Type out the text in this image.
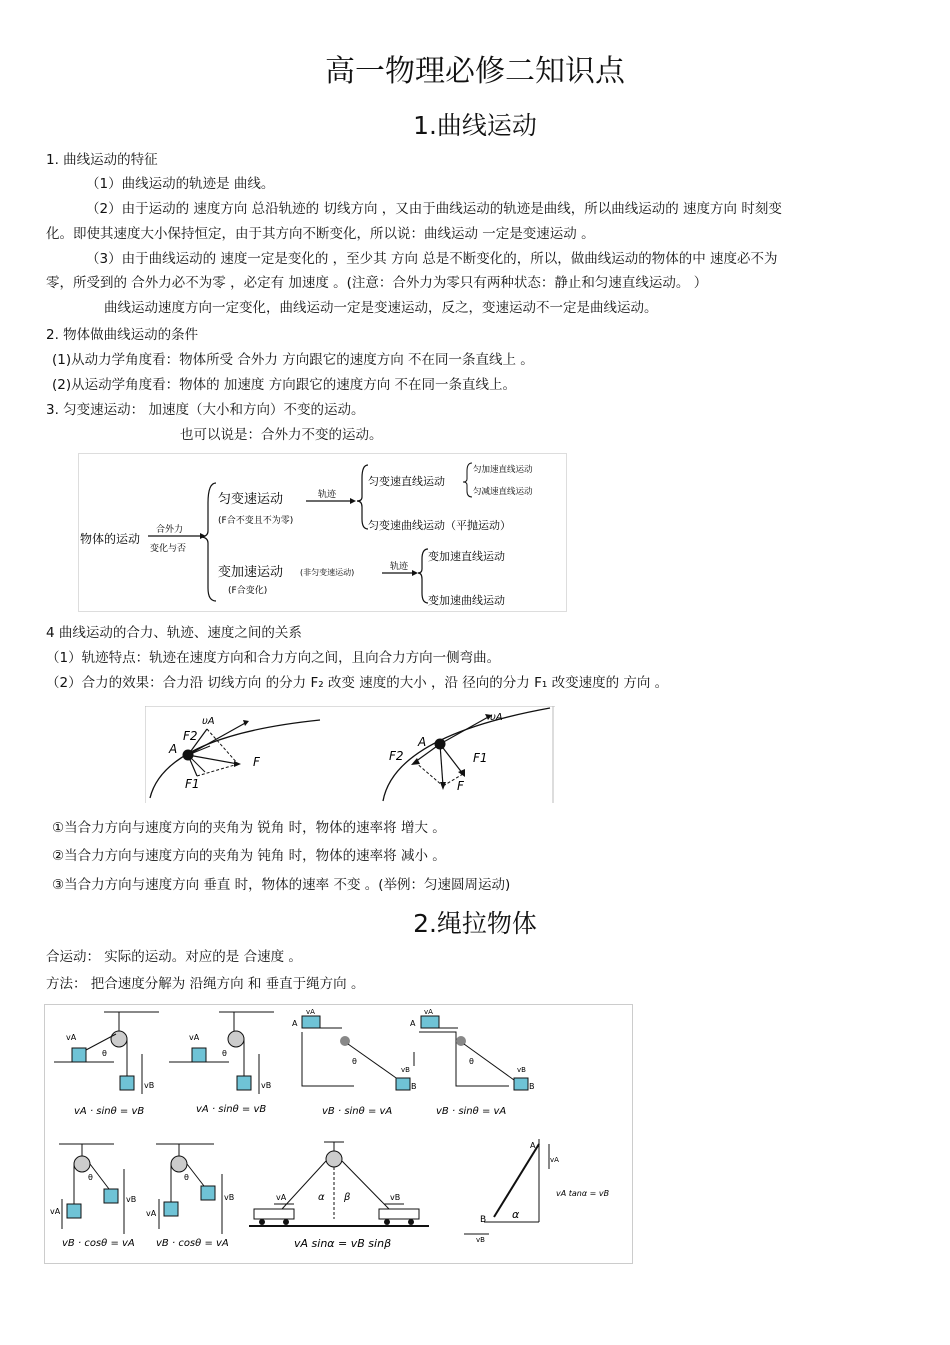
高一物理必修二知识点
1.曲线运动
1. 曲线运动的特征
（1）曲线运动的轨迹是 曲线。
（2）由于运动的 速度方向 总沿轨迹的 切线方向 ，又由于曲线运动的轨迹是曲线，所以曲线运动的 速度方向 时刻变
化。即使其速度大小保持恒定，由于其方向不断变化，所以说：曲线运动 一定是变速运动 。
（3）由于曲线运动的 速度一定是变化的 ，至少其 方向 总是不断变化的，所以，做曲线运动的物体的中 速度必不为
零，所受到的 合外力必不为零 ，必定有 加速度 。(注意：合外力为零只有两种状态：静止和匀速直线运动。 ）
曲线运动速度方向一定变化，曲线运动一定是变速运动，反之，变速运动不一定是曲线运动。
2. 物体做曲线运动的条件
(1)从动力学角度看：物体所受 合外力 方向跟它的速度方向 不在同一条直线上 。
(2)从运动学角度看：物体的 加速度 方向跟它的速度方向 不在同一条直线上。
3. 匀变速运动： 加速度（大小和方向）不变的运动。
也可以说是：合外力不变的运动。
物体的运动
合外力
变化与否
匀变速运动
(F合不变且不为零)
轨迹
匀变速直线运动
匀加速直线运动
匀减速直线运动
匀变速曲线运动（平抛运动）
变加速运动 (非匀变速运动)
(F合变化)
轨迹
变加速直线运动
变加速曲线运动
4 曲线运动的合力、轨迹、速度之间的关系
（1）轨迹特点：轨迹在速度方向和合力方向之间，且向合力方向一侧弯曲。
（2）合力的效果：合力沿 切线方向 的分力 F₂ 改变 速度的大小 ，沿 径向的分力 F₁ 改变速度的 方向 。
A
υA
F2
F
F1
A
υA
F2	F1
F
①当合力方向与速度方向的夹角为 锐角 时，物体的速率将 增大 。
②当合力方向与速度方向的夹角为 钝角 时，物体的速率将 减小 。
③当合力方向与速度方向 垂直 时，物体的速率 不变 。(举例：匀速圆周运动)
2.绳拉物体
合运动： 实际的运动。对应的是 合速度 。
方法： 把合速度分解为 沿绳方向 和 垂直于绳方向 。
vA
vB
θ
vA · sinθ = vB
vA
vB
θ
vA · sinθ = vB
A
B
vA
vB
θ
vB · sinθ = vA
A
B
vA
vB
θ
vB · sinθ = vA
vA
vB
θ
vB · cosθ = vA
vA
vB
θ
vB · cosθ = vA
vA	vB
α β
vA sinα = vB sinβ
A
B
vA
vB
α
vA tanα = vB
